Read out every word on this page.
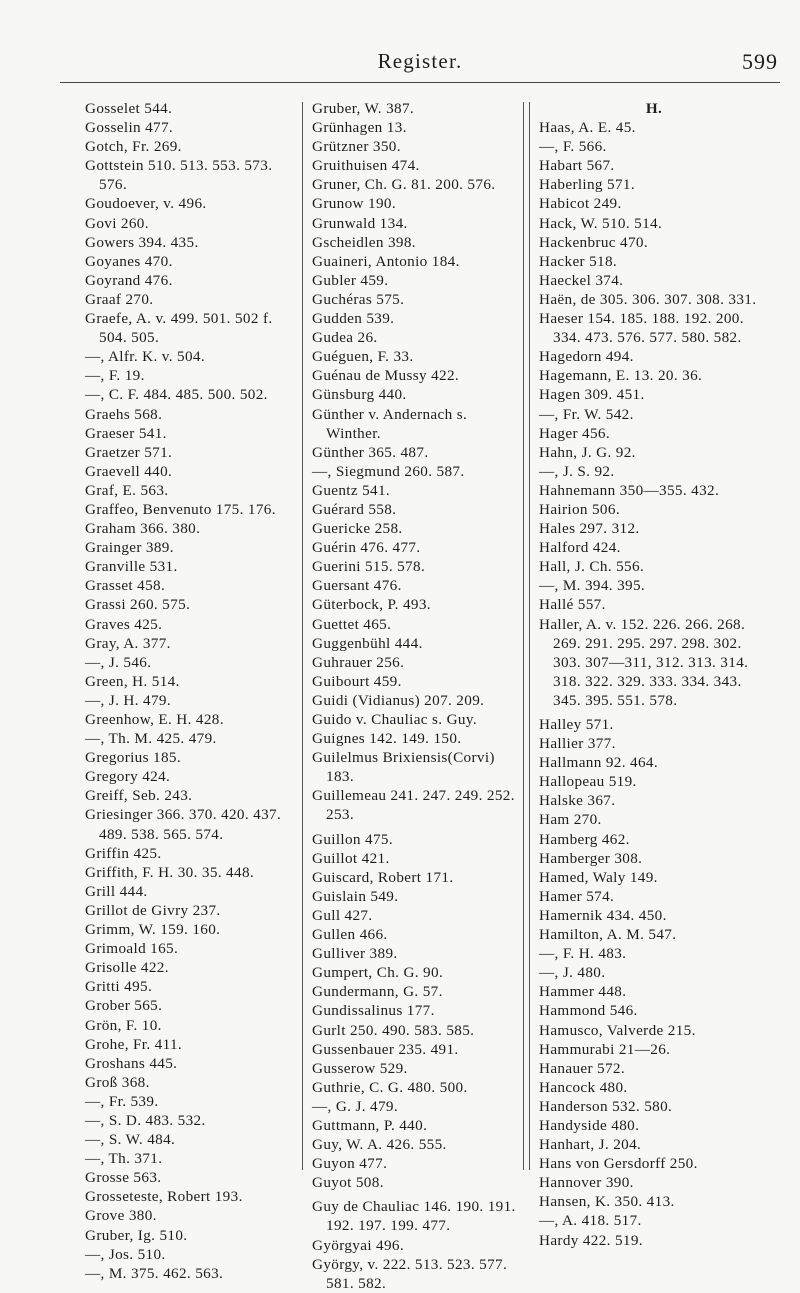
Register.	599

Gosselet 544.

Gosselin 477.

Gotch, Fr. 269.

Gottstein 510. 513. 553. 573. 576.

Goudoever, v. 496.

Govi 260.

Gowers 394. 435.

Goyanes 470.

Goyrand 476.

Graaf 270.

Graefe, A. v. 499. 501. 502 f. 504. 505.

—, Alfr. K. v. 504.

—, F. 19.

—, C. F. 484. 485. 500. 502.

Graehs 568.

Graeser 541.

Graetzer 571.

Graevell 440.

Graf, E. 563.

Graffeo, Benvenuto 175. 176.

Graham 366. 380.

Grainger 389.

Granville 531.

Grasset 458.

Grassi 260. 575.

Graves 425.

Gray, A. 377.

—, J. 546.

Green, H. 514.

—, J. H. 479.

Greenhow, E. H. 428.

—, Th. M. 425. 479.

Gregorius 185.

Gregory 424.

Greiff, Seb. 243.

Griesinger 366. 370. 420. 437. 489. 538. 565. 574.

Griffin 425.

Griffith, F. H. 30. 35. 448.

Grill 444.

Grillot de Givry 237.

Grimm, W. 159. 160.

Grimoald 165.

Grisolle 422.

Gritti 495.

Grober 565.

Grön, F. 10.

Grohe, Fr. 411.

Groshans 445.

Groß 368.

—, Fr. 539.

—, S. D. 483. 532.

—, S. W. 484.

—, Th. 371.

Grosse 563.

Grosseteste, Robert 193.

Grove 380.

Gruber, Ig. 510.

—, Jos. 510.

—, M. 375. 462. 563.

Gruber, W. 387.

Grünhagen 13.

Grützner 350.

Gruithuisen 474.

Gruner, Ch. G. 81. 200. 576.

Grunow 190.

Grunwald 134.

Gscheidlen 398.

Guaineri, Antonio 184.

Gubler 459.

Guchéras 575.

Gudden 539.

Gudea 26.

Guéguen, F. 33.

Guénau de Mussy 422.

Günsburg 440.

Günther v. Andernach s. Winther.

Günther 365. 487.

—, Siegmund 260. 587.

Guentz 541.

Guérard 558.

Guericke 258.

Guérin 476. 477.

Guerini 515. 578.

Guersant 476.

Güterbock, P. 493.

Guettet 465.

Guggenbühl 444.

Guhrauer 256.

Guibourt 459.

Guidi (Vidianus) 207. 209.

Guido v. Chauliac s. Guy.

Guignes 142. 149. 150.

Guilelmus Brixiensis(Corvi) 183.

Guillemeau 241. 247. 249. 252. 253.

Guillon 475.

Guillot 421.

Guiscard, Robert 171.

Guislain 549.

Gull 427.

Gullen 466.

Gulliver 389.

Gumpert, Ch. G. 90.

Gundermann, G. 57.

Gundissalinus 177.

Gurlt 250. 490. 583. 585.

Gussenbauer 235. 491.

Gusserow 529.

Guthrie, C. G. 480. 500.

—, G. J. 479.

Guttmann, P. 440.

Guy, W. A. 426. 555.

Guyon 477.

Guyot 508.

Guy de Chauliac 146. 190. 191. 192. 197. 199. 477.

Györgyai 496.

György, v. 222. 513. 523. 577. 581. 582.

H.

Haas, A. E. 45.

—, F. 566.

Habart 567.

Haberling 571.

Habicot 249.

Hack, W. 510. 514.

Hackenbruc 470.

Hacker 518.

Haeckel 374.

Haën, de 305. 306. 307. 308. 331.

Haeser 154. 185. 188. 192. 200. 334. 473. 576. 577. 580. 582.

Hagedorn 494.

Hagemann, E. 13. 20. 36.

Hagen 309. 451.

—, Fr. W. 542.

Hager 456.

Hahn, J. G. 92.

—, J. S. 92.

Hahnemann 350—355. 432.

Hairion 506.

Hales 297. 312.

Halford 424.

Hall, J. Ch. 556.

—, M. 394. 395.

Hallé 557.

Haller, A. v. 152. 226. 266. 268. 269. 291. 295. 297. 298. 302. 303. 307—311, 312. 313. 314. 318. 322. 329. 333. 334. 343. 345. 395. 551. 578.

Halley 571.

Hallier 377.

Hallmann 92. 464.

Hallopeau 519.

Halske 367.

Ham 270.

Hamberg 462.

Hamberger 308.

Hamed, Waly 149.

Hamer 574.

Hamernik 434. 450.

Hamilton, A. M. 547.

—, F. H. 483.

—, J. 480.

Hammer 448.

Hammond 546.

Hamusco, Valverde 215.

Hammurabi 21—26.

Hanauer 572.

Hancock 480.

Handerson 532. 580.

Handyside 480.

Hanhart, J. 204.

Hans von Gersdorff 250.

Hannover 390.

Hansen, K. 350. 413.

—, A. 418. 517.

Hardy 422. 519.
